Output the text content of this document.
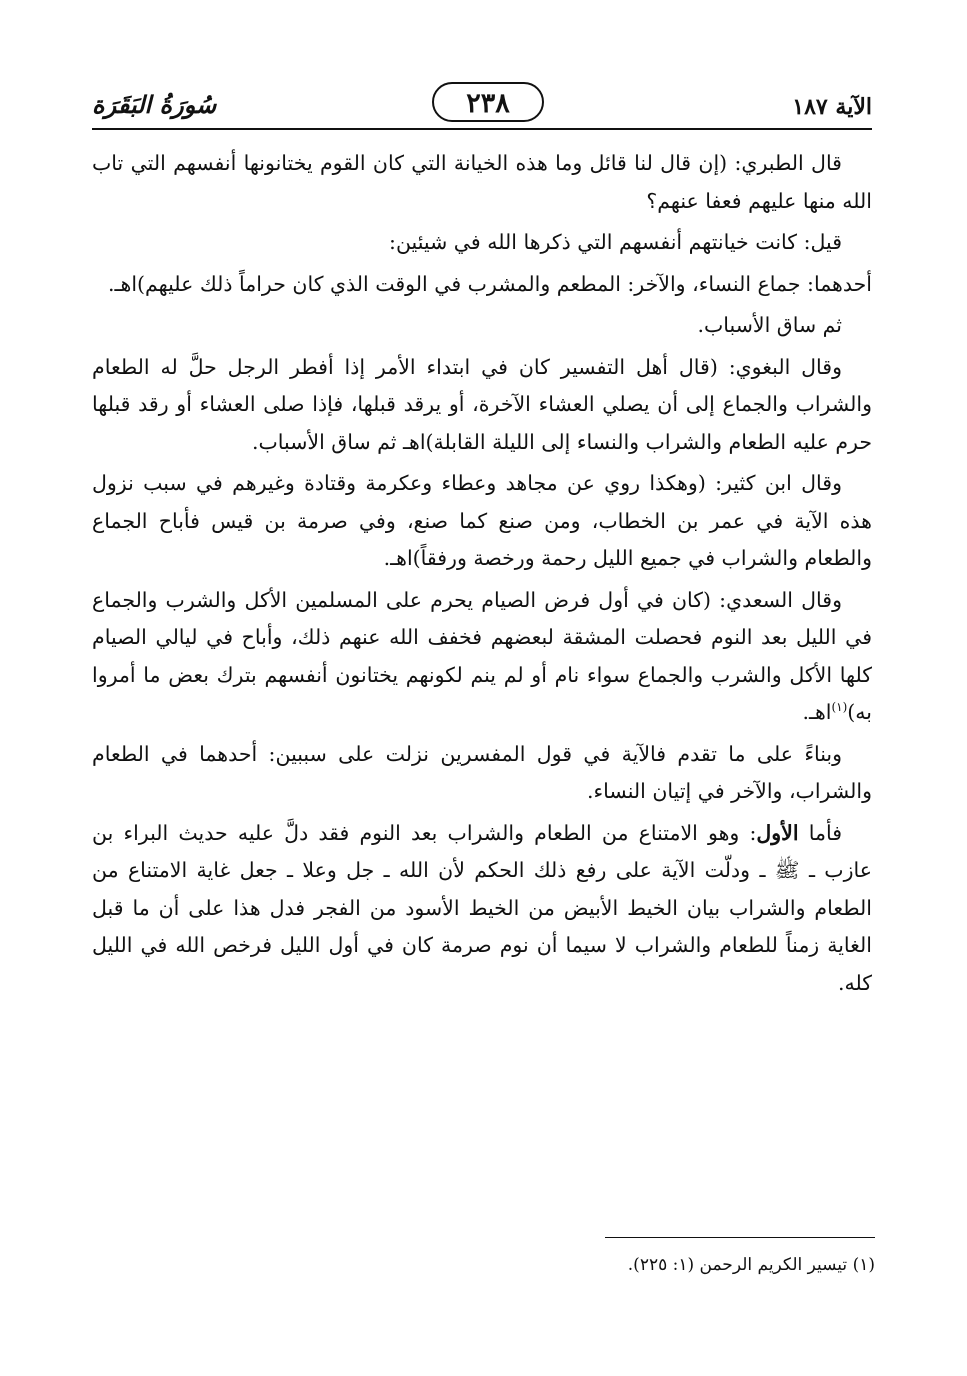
الآية ١٨٧
٢٣٨
سُورَةُ البَقَرَة

قال الطبري: (إن قال لنا قائل وما هذه الخيانة التي كان القوم يختانونها أنفسهم التي تاب الله منها عليهم فعفا عنهم؟

قيل: كانت خيانتهم أنفسهم التي ذكرها الله في شيئين:

أحدهما: جماع النساء، والآخر: المطعم والمشرب في الوقت الذي كان حراماً ذلك عليهم)اهـ.

ثم ساق الأسباب.

وقال البغوي: (قال أهل التفسير كان في ابتداء الأمر إذا أفطر الرجل حلَّ له الطعام والشراب والجماع إلى أن يصلي العشاء الآخرة، أو يرقد قبلها، فإذا صلى العشاء أو رقد قبلها حرم عليه الطعام والشراب والنساء إلى الليلة القابلة)اهـ ثم ساق الأسباب.

وقال ابن كثير: (وهكذا روي عن مجاهد وعطاء وعكرمة وقتادة وغيرهم في سبب نزول هذه الآية في عمر بن الخطاب، ومن صنع كما صنع، وفي صرمة بن قيس فأباح الجماع والطعام والشراب في جميع الليل رحمة ورخصة ورفقاً)اهـ.

وقال السعدي: (كان في أول فرض الصيام يحرم على المسلمين الأكل والشرب والجماع في الليل بعد النوم فحصلت المشقة لبعضهم فخفف الله عنهم ذلك، وأباح في ليالي الصيام كلها الأكل والشرب والجماع سواء نام أو لم ينم لكونهم يختانون أنفسهم بترك بعض ما أمروا به)$^{(١)}$اهـ.

وبناءً على ما تقدم فالآية في قول المفسرين نزلت على سببين: أحدهما في الطعام والشراب، والآخر في إتيان النساء.

فأما الأول: وهو الامتناع من الطعام والشراب بعد النوم فقد دلَّ عليه حديث البراء بن عازب ـ ﷺ ـ ودلّت الآية على رفع ذلك الحكم لأن الله ـ جل وعلا ـ جعل غاية الامتناع من الطعام والشراب بيان الخيط الأبيض من الخيط الأسود من الفجر فدل هذا على أن ما قبل الغاية زمناً للطعام والشراب لا سيما أن نوم صرمة كان في أول الليل فرخص الله في الليل كله.

(١) تيسير الكريم الرحمن (١: ٢٢٥).
